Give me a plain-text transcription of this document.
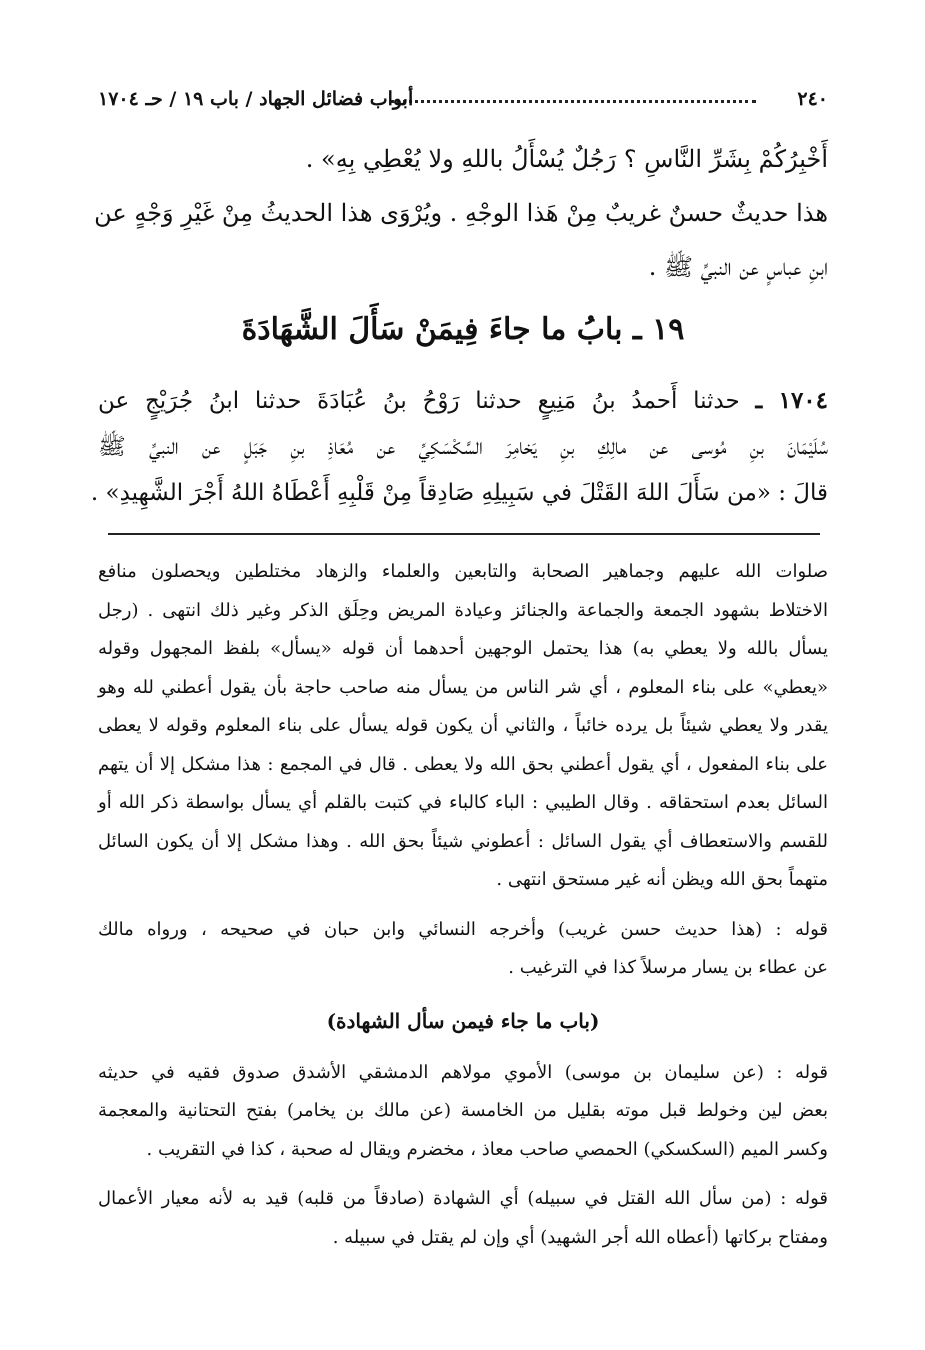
٢٤٠
أبواب فضائل الجهاد / باب ١٩ / حـ ١٧٠٤
أَخْبِرُكُمْ بِشَرِّ النَّاسِ ؟ رَجُلٌ يُسْأَلُ باللهِ ولا يُعْطِي بِهِ» .
هذا حديثٌ حسنٌ غريبٌ مِنْ هَذا الوجْهِ . ويُرْوَى هذا الحديثُ مِنْ غَيْرِ وَجْهٍ عن
ابنِ عباسٍ عن النبيِّ ﷺ .
١٩ ـ بابُ ما جاءَ فِيمَنْ سَأَلَ الشَّهَادَةَ
١٧٠٤ ـ حدثنا أَحمدُ بنُ مَنِيعٍ حدثنا رَوْحُ بنُ عُبَادَةَ حدثنا ابنُ جُرَيْجٍ عن
سُلَيْمَانَ بنِ مُوسى عن مالِكِ بنِ يَخامِرَ السَّكْسَكِيِّ عن مُعَاذِ بنِ جَبَلٍ عن النبيِّ ﷺ
قالَ : «من سَأَلَ اللهَ القَتْلَ في سَبِيلِهِ صَادِقاً مِنْ قَلْبِهِ أَعْطَاهُ اللهُ أَجْرَ الشَّهِيدِ» .
صلوات الله عليهم وجماهير الصحابة والتابعين والعلماء والزهاد مختلطين ويحصلون منافع
الاختلاط بشهود الجمعة والجماعة والجنائز وعيادة المريض وحِلَق الذكر وغير ذلك انتهى . (رجل
يسأل بالله ولا يعطي به) هذا يحتمل الوجهين أحدهما أن قوله «يسأل» بلفظ المجهول وقوله
«يعطي» على بناء المعلوم ، أي شر الناس من يسأل منه صاحب حاجة بأن يقول أعطني لله وهو
يقدر ولا يعطي شيئاً بل يرده خائباً ، والثاني أن يكون قوله يسأل على بناء المعلوم وقوله لا يعطى
على بناء المفعول ، أي يقول أعطني بحق الله ولا يعطى . قال في المجمع : هذا مشكل إلا أن يتهم
السائل بعدم استحقاقه . وقال الطيبي : الباء كالباء في كتبت بالقلم أي يسأل بواسطة ذكر الله أو
للقسم والاستعطاف أي يقول السائل : أعطوني شيئاً بحق الله . وهذا مشكل إلا أن يكون السائل
متهماً بحق الله ويظن أنه غير مستحق انتهى .
قوله : (هذا حديث حسن غريب) وأخرجه النسائي وابن حبان في صحيحه ، ورواه مالك
عن عطاء بن يسار مرسلاً كذا في الترغيب .
(باب ما جاء فيمن سأل الشهادة)
قوله : (عن سليمان بن موسى) الأموي مولاهم الدمشقي الأشدق صدوق فقيه في حديثه
بعض لين وخولط قبل موته بقليل من الخامسة (عن مالك بن يخامر) بفتح التحتانية والمعجمة
وكسر الميم (السكسكي) الحمصي صاحب معاذ ، مخضرم ويقال له صحبة ، كذا في التقريب .
قوله : (من سأل الله القتل في سبيله) أي الشهادة (صادقاً من قلبه) قيد به لأنه معيار الأعمال
ومفتاح بركاتها (أعطاه الله أجر الشهيد) أي وإن لم يقتل في سبيله .
